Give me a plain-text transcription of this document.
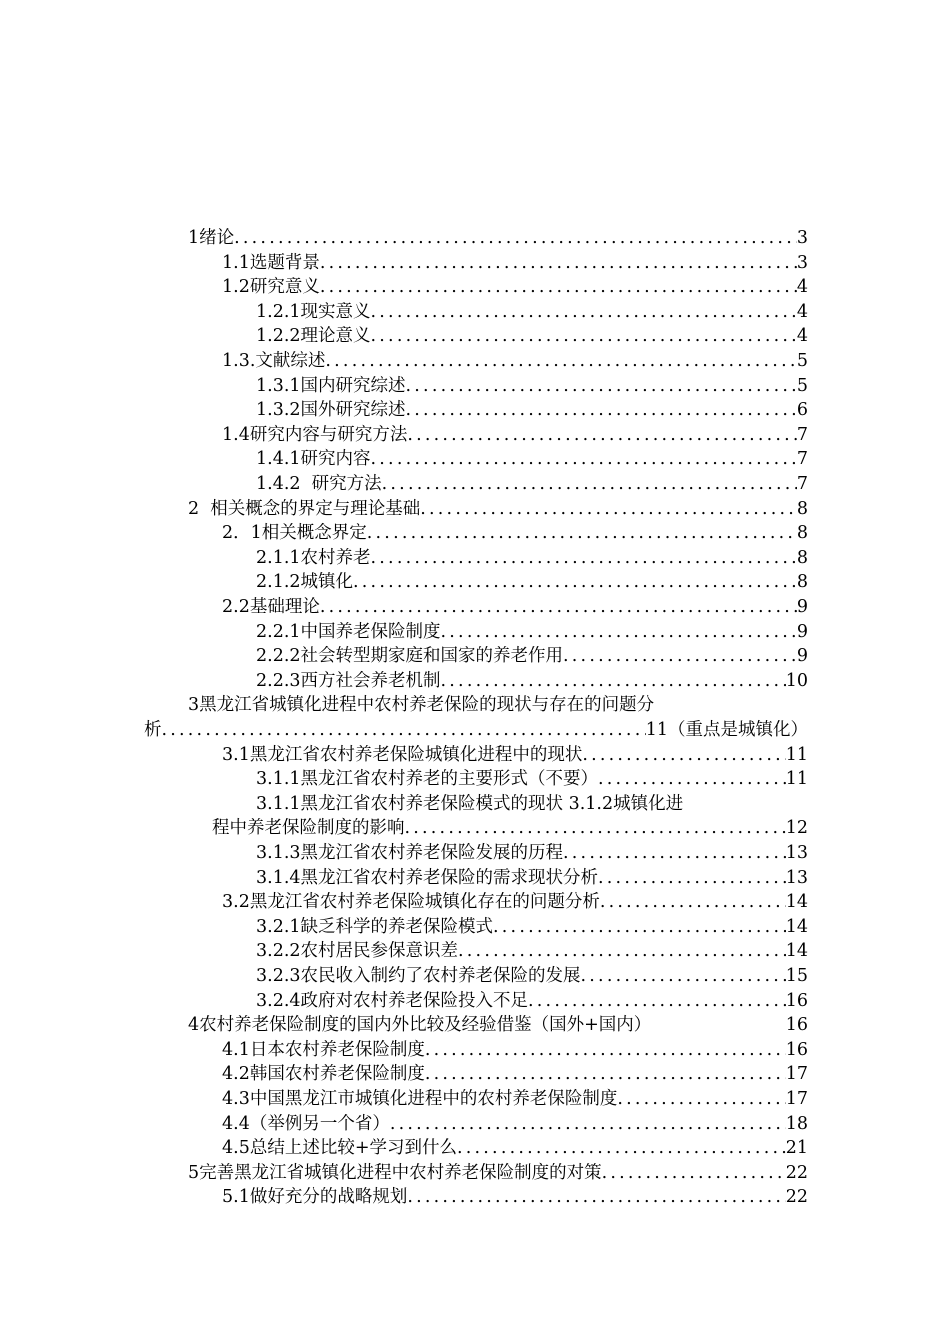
1绪论 .....	3
1.1选题背景 .....	3
1.2研究意义 .....	4
1.2.1现实意义 .....	4
1.2.2理论意义 .....	4
1.3.文献综述 .....	5
1.3.1国内研究综述 .....	5
1.3.2国外研究综述 .....	6
1.4研究内容与研究方法 .....	7
1.4.1研究内容 .....	7
1.4.2  研究方法 .....	7
2  相关概念的界定与理论基础 .....	8
2．1相关概念界定 .....	8
2.1.1农村养老 .....	8
2.1.2城镇化 .....	8
2.2基础理论 .....	9
2.2.1中国养老保险制度 .....	9
2.2.2社会转型期家庭和国家的养老作用 .....	9
2.2.3西方社会养老机制 .....	10
3黑龙江省城镇化进程中农村养老保险的现状与存在的问题分
析 .....	11（重点是城镇化）
3.1黑龙江省农村养老保险城镇化进程中的现状 .....	11
3.1.1黑龙江省农村养老的主要形式（不要） .....	11
3.1.1黑龙江省农村养老保险模式的现状 3.1.2城镇化进
程中养老保险制度的影响 .....	12
3.1.3黑龙江省农村养老保险发展的历程 .....	13
3.1.4黑龙江省农村养老保险的需求现状分析 .....	13
3.2黑龙江省农村养老保险城镇化存在的问题分析 .....	14
3.2.1缺乏科学的养老保险模式 .....	14
3.2.2农村居民参保意识差 .....	14
3.2.3农民收入制约了农村养老保险的发展 .....	15
3.2.4政府对农村养老保险投入不足 .....	16
4农村养老保险制度的国内外比较及经验借鉴（国外+国内）	16
4.1日本农村养老保险制度 .....	16
4.2韩国农村养老保险制度 .....	17
4.3中国黑龙江市城镇化进程中的农村养老保险制度 .....	17
4.4（举例另一个省） .....	18
4.5总结上述比较+学习到什么 .....	21
5完善黑龙江省城镇化进程中农村养老保险制度的对策 .....	22
5.1做好充分的战略规划 .....	22
